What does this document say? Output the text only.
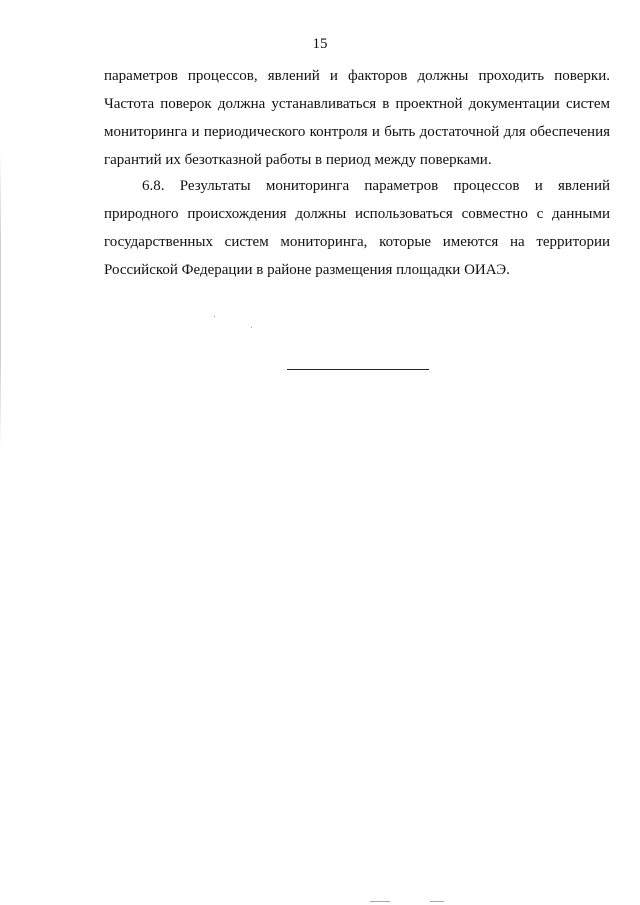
15
параметров процессов, явлений и факторов должны проходить поверки.
Частота поверок должна устанавливаться в проектной документации систем
мониторинга и периодического контроля и быть достаточной для обеспечения
гарантий их безотказной работы в период между поверками.
6.8. Результаты мониторинга параметров процессов и явлений
природного происхождения должны использоваться совместно с данными
государственных систем мониторинга, которые имеются на территории
Российской Федерации в районе размещения площадки ОИАЭ.
